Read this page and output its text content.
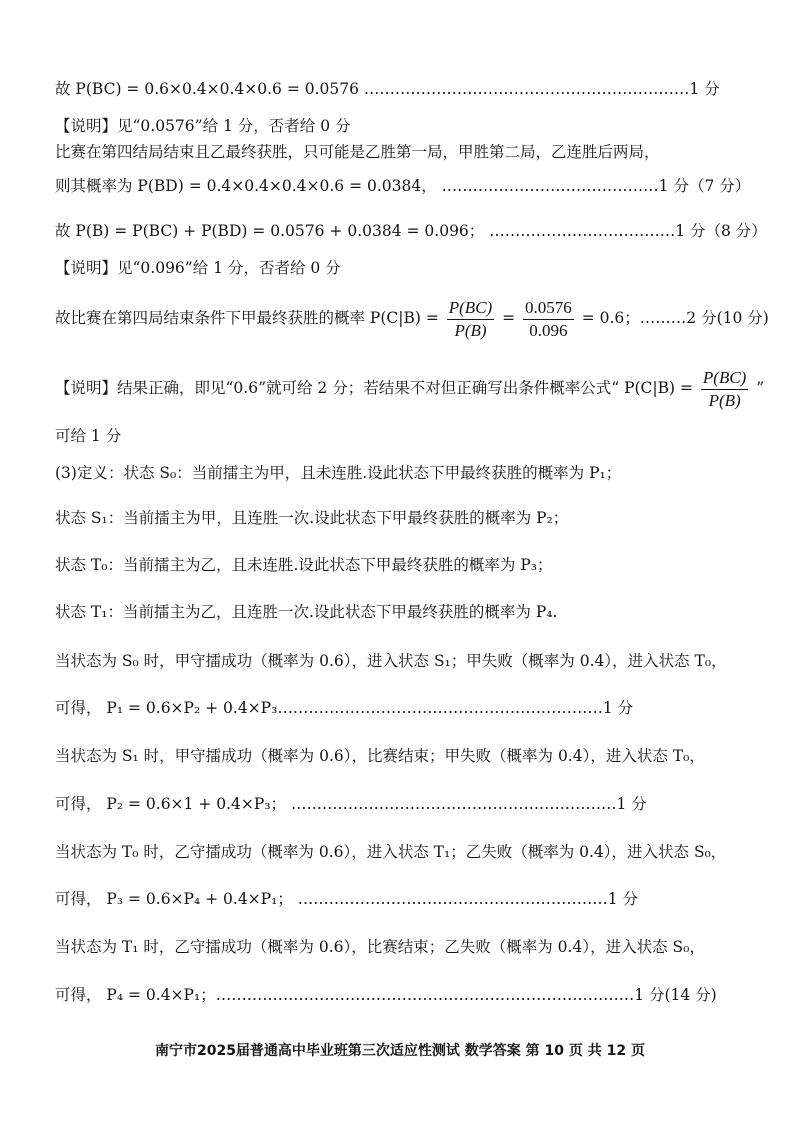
故 P(BC) = 0.6×0.4×0.4×0.6 = 0.0576 ………………………………………………………1 分
【说明】见“0.0576”给 1 分，否者给 0 分
比赛在第四结局结束且乙最终获胜，只可能是乙胜第一局，甲胜第二局，乙连胜后两局，
则其概率为 P(BD) = 0.4×0.4×0.4×0.6 = 0.0384， ……………………………………1 分（7 分）
故 P(B) = P(BC) + P(BD) = 0.0576 + 0.0384 = 0.096； ………………………………1 分（8 分）
【说明】见“0.096”给 1 分，否者给 0 分
故比赛在第四局结束条件下甲最终获胜的概率 $P(C|B) = \frac{P(BC)}{P(B)} = \frac{0.0576}{0.096} = 0.6$；………2 分(10 分)
【说明】结果正确，即见“0.6”就可给 2 分；若结果不对但正确写出条件概率公式“ $P(C|B) = \frac{P(BC)}{P(B)}$ ”
可给 1 分
(3)定义：状态 S₀：当前擂主为甲，且未连胜.设此状态下甲最终获胜的概率为 P₁；
状态 S₁：当前擂主为甲，且连胜一次.设此状态下甲最终获胜的概率为 P₂；
状态 T₀：当前擂主为乙，且未连胜.设此状态下甲最终获胜的概率为 P₃；
状态 T₁：当前擂主为乙，且连胜一次.设此状态下甲最终获胜的概率为 P₄.
当状态为 S₀ 时，甲守擂成功（概率为 0.6），进入状态 S₁；甲失败（概率为 0.4），进入状态 T₀，
可得， P₁ = 0.6×P₂ + 0.4×P₃………………………………………………………1 分
当状态为 S₁ 时，甲守擂成功（概率为 0.6），比赛结束；甲失败（概率为 0.4），进入状态 T₀，
可得， P₂ = 0.6×1 + 0.4×P₃； ………………………………………………………1 分
当状态为 T₀ 时，乙守擂成功（概率为 0.6），进入状态 T₁；乙失败（概率为 0.4），进入状态 S₀，
可得， P₃ = 0.6×P₄ + 0.4×P₁； ……………………………………………………1 分
当状态为 T₁ 时，乙守擂成功（概率为 0.6），比赛结束；乙失败（概率为 0.4），进入状态 S₀，
可得， P₄ = 0.4×P₁；………………………………………………………………………1 分(14 分)
南宁市2025届普通高中毕业班第三次适应性测试 数学答案 第 10 页 共 12 页
